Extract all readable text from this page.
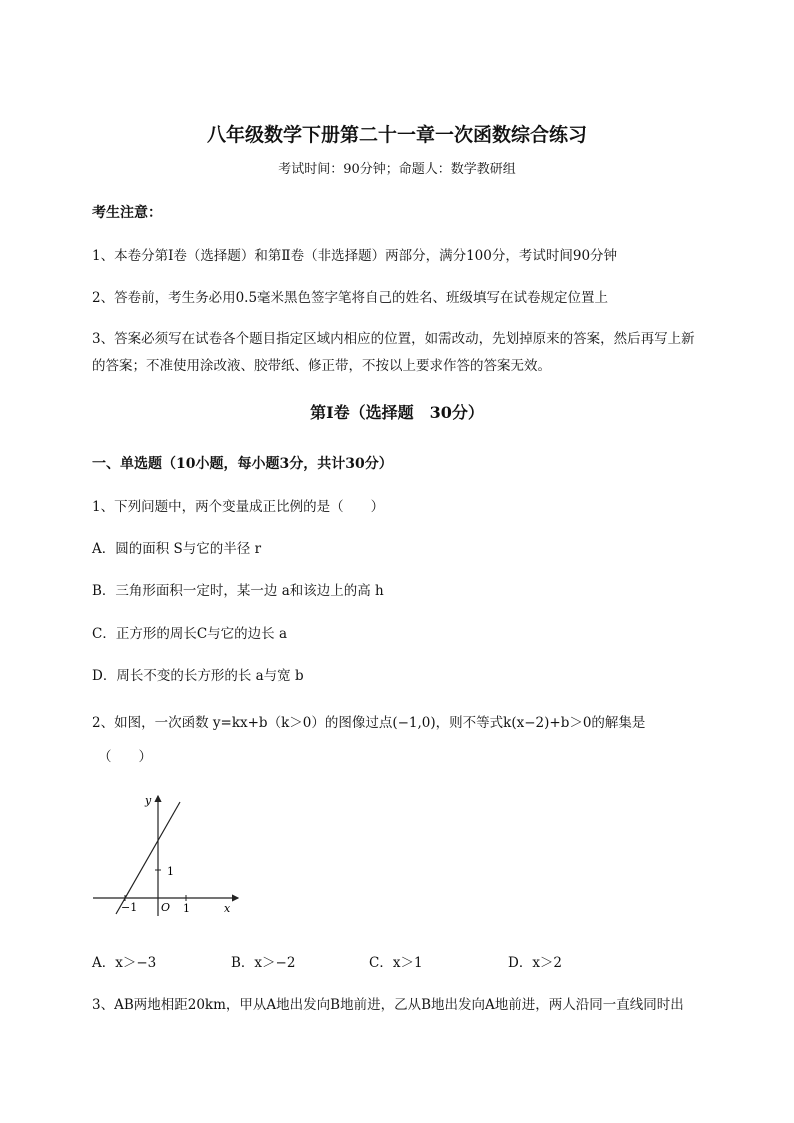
八年级数学下册第二十一章一次函数综合练习
考试时间：90分钟；命题人：数学教研组
考生注意：
1、本卷分第I卷（选择题）和第Ⅱ卷（非选择题）两部分，满分100分，考试时间90分钟
2、答卷前，考生务必用0.5毫米黑色签字笔将自己的姓名、班级填写在试卷规定位置上
3、答案必须写在试卷各个题目指定区域内相应的位置，如需改动，先划掉原来的答案，然后再写上新
的答案；不准使用涂改液、胶带纸、修正带，不按以上要求作答的答案无效。
第I卷（选择题　30分）
一、单选题（10小题，每小题3分，共计30分）
1、下列问题中，两个变量成正比例的是（　　）
A．圆的面积 S与它的半径 r
B．三角形面积一定时，某一边 a和该边上的高 h
C．正方形的周长C与它的边长 a
D．周长不变的长方形的长 a与宽 b
2、如图，一次函数 y=kx+b（k＞0）的图像过点(−1,0)，则不等式k(x−2)+b＞0的解集是
（　　）
y
x
O
−1	1
1
A．x＞−3	B．x＞−2	C．x＞1	D．x＞2
3、AB两地相距20km，甲从A地出发向B地前进，乙从B地出发向A地前进，两人沿同一直线同时出
